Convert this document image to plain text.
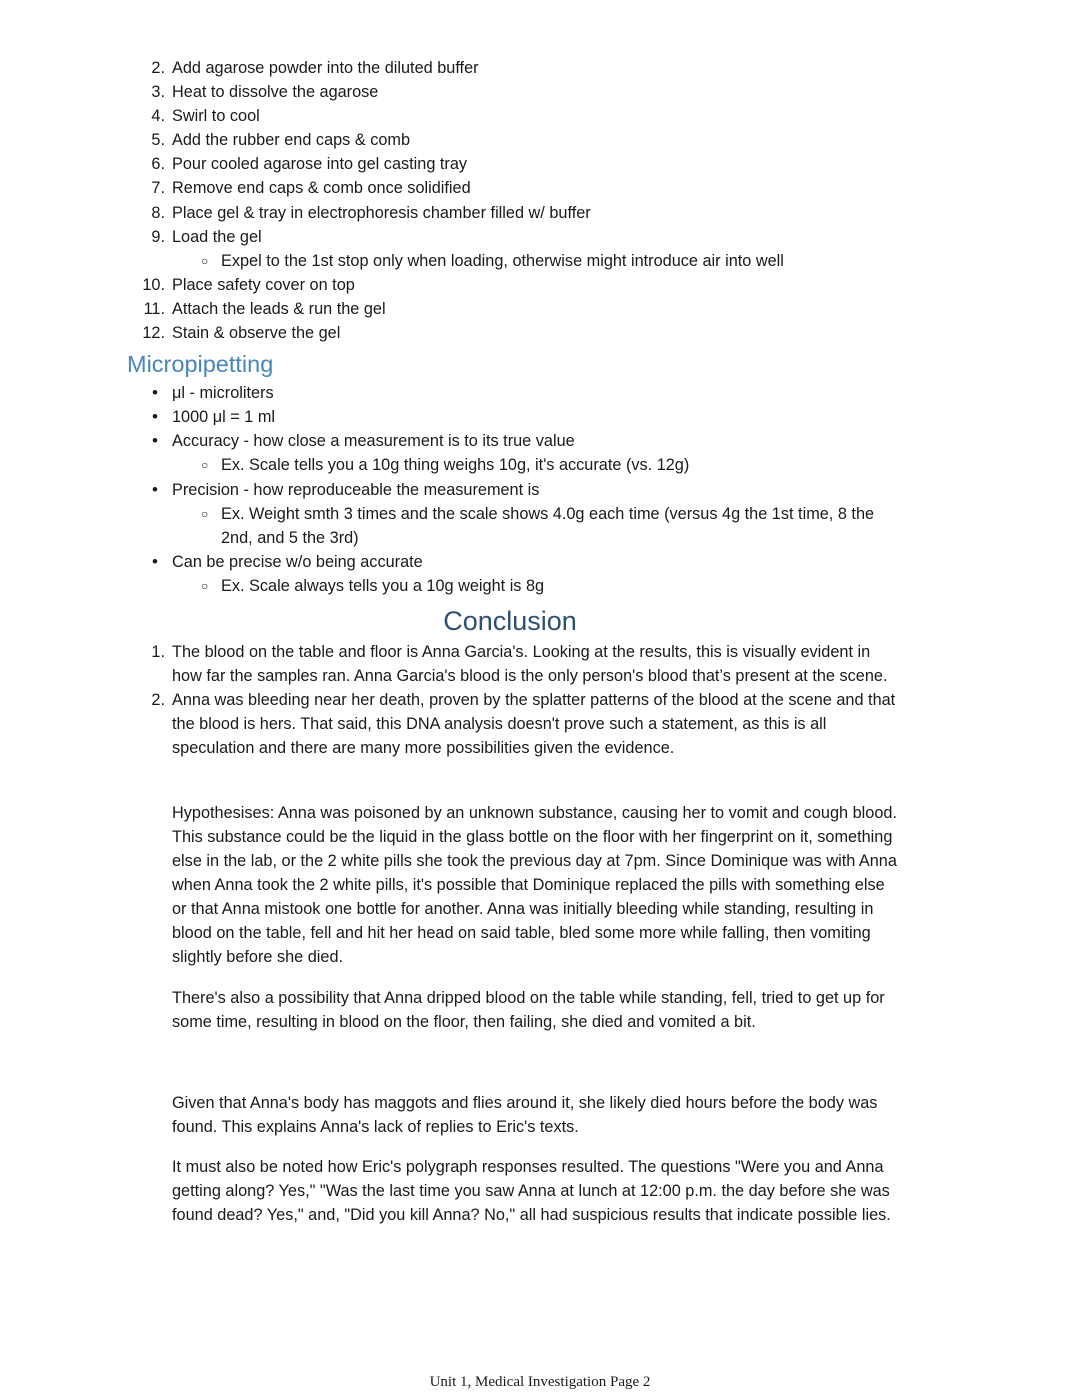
2. Add agarose powder into the diluted buffer
3. Heat to dissolve the agarose
4. Swirl to cool
5. Add the rubber end caps & comb
6. Pour cooled agarose into gel casting tray
7. Remove end caps & comb once solidified
8. Place gel & tray in electrophoresis chamber filled w/ buffer
9. Load the gel
○ Expel to the 1st stop only when loading, otherwise might introduce air into well
10. Place safety cover on top
11. Attach the leads & run the gel
12. Stain & observe the gel
Micropipetting
• μl - microliters
• 1000 μl = 1 ml
• Accuracy - how close a measurement is to its true value
○ Ex. Scale tells you a 10g thing weighs 10g, it's accurate (vs. 12g)
• Precision - how reproduceable the measurement is
○ Ex. Weight smth 3 times and the scale shows 4.0g each time (versus 4g the 1st time, 8 the 2nd, and 5 the 3rd)
• Can be precise w/o being accurate
○ Ex. Scale always tells you a 10g weight is 8g
Conclusion
1. The blood on the table and floor is Anna Garcia's. Looking at the results, this is visually evident in how far the samples ran. Anna Garcia's blood is the only person's blood that’s present at the scene.
2. Anna was bleeding near her death, proven by the splatter patterns of the blood at the scene and that the blood is hers. That said, this DNA analysis doesn't prove such a statement, as this is all speculation and there are many more possibilities given the evidence.

Hypothesises: Anna was poisoned by an unknown substance, causing her to vomit and cough blood. This substance could be the liquid in the glass bottle on the floor with her fingerprint on it, something else in the lab, or the 2 white pills she took the previous day at 7pm. Since Dominique was with Anna when Anna took the 2 white pills, it's possible that Dominique replaced the pills with something else or that Anna mistook one bottle for another. Anna was initially bleeding while standing, resulting in blood on the table, fell and hit her head on said table, bled some more while falling, then vomiting slightly before she died.

There's also a possibility that Anna dripped blood on the table while standing, fell, tried to get up for some time, resulting in blood on the floor, then failing, she died and vomited a bit.

Given that Anna's body has maggots and flies around it, she likely died hours before the body was found. This explains Anna's lack of replies to Eric's texts.

It must also be noted how Eric's polygraph responses resulted. The questions "Were you and Anna getting along? Yes," "Was the last time you saw Anna at lunch at 12:00 p.m. the day before she was found dead? Yes," and, "Did you kill Anna? No," all had suspicious results that indicate possible lies.

Unit 1, Medical Investigation Page 2
